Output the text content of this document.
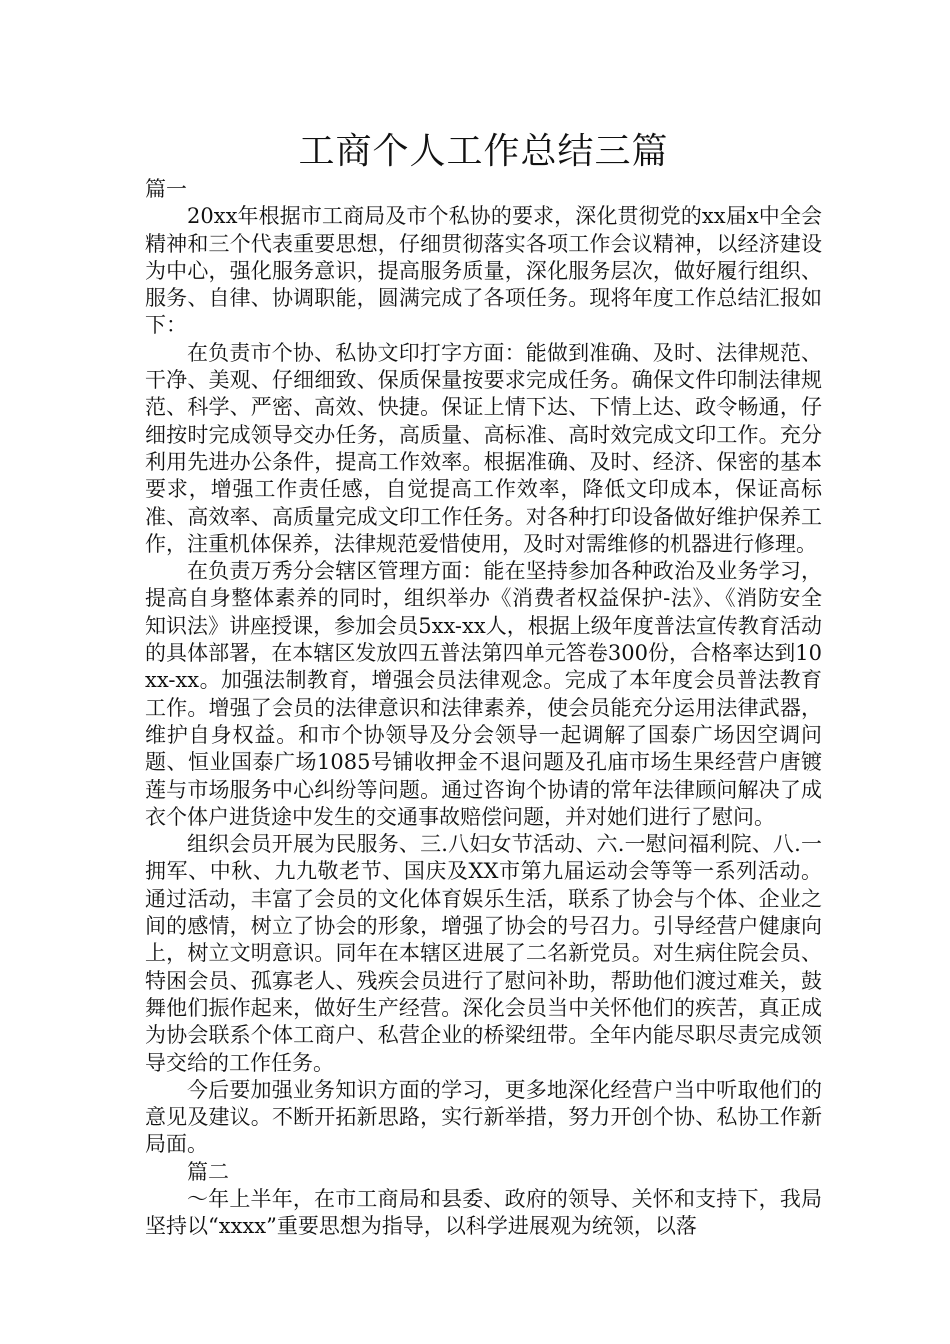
工商个人工作总结三篇

篇一

20xx年根据市工商局及市个私协的要求，深化贯彻党的xx届x中全会精神和三个代表重要思想，仔细贯彻落实各项工作会议精神，以经济建设为中心，强化服务意识，提高服务质量，深化服务层次，做好履行组织、服务、自律、协调职能，圆满完成了各项任务。现将年度工作总结汇报如下：

在负责市个协、私协文印打字方面：能做到准确、及时、法律规范、干净、美观、仔细细致、保质保量按要求完成任务。确保文件印制法律规范、科学、严密、高效、快捷。保证上情下达、下情上达、政令畅通，仔细按时完成领导交办任务，高质量、高标准、高时效完成文印工作。充分利用先进办公条件，提高工作效率。根据准确、及时、经济、保密的基本要求，增强工作责任感，自觉提高工作效率，降低文印成本，保证高标准、高效率、高质量完成文印工作任务。对各种打印设备做好维护保养工作，注重机体保养，法律规范爱惜使用，及时对需维修的机器进行修理。

在负责万秀分会辖区管理方面：能在坚持参加各种政治及业务学习，提高自身整体素养的同时，组织举办《消费者权益保护-法》、《消防安全知识法》讲座授课，参加会员5xx-xx人，根据上级年度普法宣传教育活动的具体部署，在本辖区发放四五普法第四单元答卷300份，合格率达到10xx-xx。加强法制教育，增强会员法律观念。完成了本年度会员普法教育工作。增强了会员的法律意识和法律素养，使会员能充分运用法律武器，维护自身权益。和市个协领导及分会领导一起调解了国泰广场因空调问题、恒业国泰广场1085号铺收押金不退问题及孔庙市场生果经营户唐镀莲与市场服务中心纠纷等问题。通过咨询个协请的常年法律顾问解决了成衣个体户进货途中发生的交通事故赔偿问题，并对她们进行了慰问。

组织会员开展为民服务、三.八妇女节活动、六.一慰问福利院、八.一拥军、中秋、九九敬老节、国庆及XX市第九届运动会等等一系列活动。通过活动，丰富了会员的文化体育娱乐生活，联系了协会与个体、企业之间的感情，树立了协会的形象，增强了协会的号召力。引导经营户健康向上，树立文明意识。同年在本辖区进展了二名新党员。对生病住院会员、特困会员、孤寡老人、残疾会员进行了慰问补助，帮助他们渡过难关，鼓舞他们振作起来，做好生产经营。深化会员当中关怀他们的疾苦，真正成为协会联系个体工商户、私营企业的桥梁纽带。全年内能尽职尽责完成领导交给的工作任务。

今后要加强业务知识方面的学习，更多地深化经营户当中听取他们的意见及建议。不断开拓新思路，实行新举措，努力开创个协、私协工作新局面。

篇二

～年上半年，在市工商局和县委、政府的领导、关怀和支持下，我局坚持以“xxxx”重要思想为指导，以科学进展观为统领，以落
